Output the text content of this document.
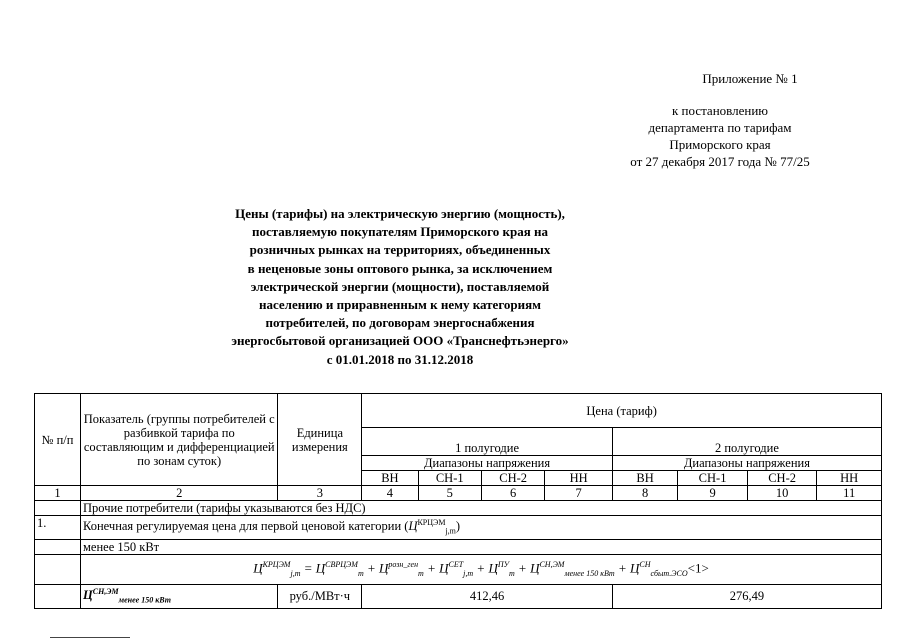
Приложение № 1
к постановлению
департамента по тарифам
Приморского края
от 27 декабря 2017 года № 77/25
Цены (тарифы) на электрическую энергию (мощность),
поставляемую покупателям Приморского края на
розничных рынках на территориях, объединенных
в неценовые зоны оптового рынка, за исключением
электрической энергии (мощности), поставляемой
населению и приравненным к нему категориям
потребителей, по договорам энергоснабжения
энергосбытовой организацией ООО «Транснефтьэнерго»
с 01.01.2018 по 31.12.2018
№ п/п	Показатель (группы потребителей с разбивкой тарифа по составляющим и дифференциацией по зонам суток)	Единица измерения	Цена (тариф)							
			1 полугодие				2 полугодие			
			Диапазоны напряжения				Диапазоны напряжения			
			ВН	СН-1	СН-2	НН	ВН	СН-1	СН-2	НН
1	2	3	4	5	6	7	8	9	10	11
	Прочие потребители (тарифы указываются без НДС)									
1.	Конечная регулируемая цена для первой ценовой категории $(Ц^{КРЦЭМ}_{j,m})$									
	менее 150 кВт									
	$Ц^{КРЦЭМ}_{j,m} = Ц^{СВРЦЭМ}_m + Ц^{розн\_ген}_m + Ц^{СЕТ}_{j,m} + Ц^{ПУ}_m + Ц^{СН,ЭМ}_{менее 150 кВт} + Ц^{СН}_{сбыт.ЭСО}<1>$									
	$Ц^{СН,ЭМ}_{менее 150 кВт}$	руб./МВт·ч	412,46				276,49			
